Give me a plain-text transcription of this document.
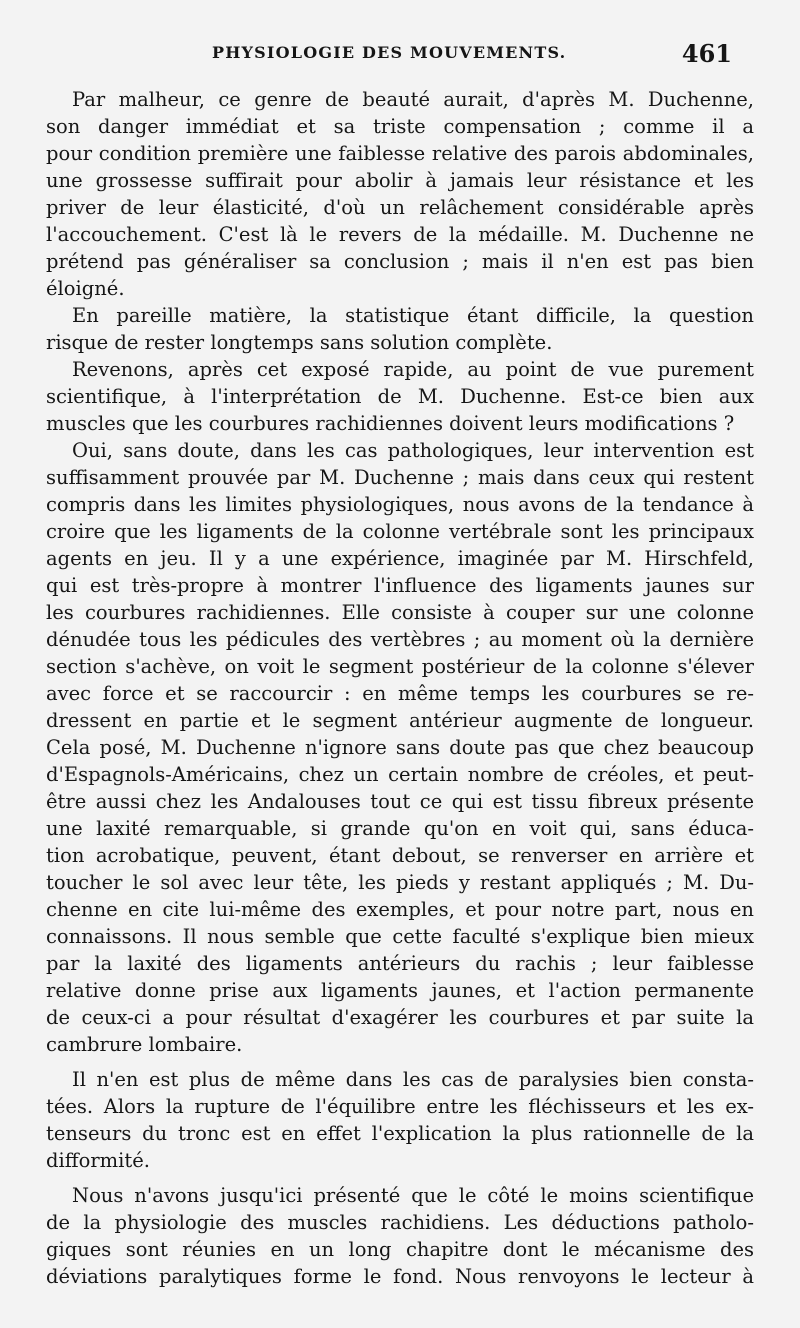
PHYSIOLOGIE DES MOUVEMENTS.	461
Par malheur, ce genre de beauté aurait, d'après M. Duchenne,
son danger immédiat et sa triste compensation ; comme il a
pour condition première une faiblesse relative des parois abdominales,
une grossesse suffirait pour abolir à jamais leur résistance et les
priver de leur élasticité, d'où un relâchement considérable après
l'accouchement. C'est là le revers de la médaille. M. Duchenne ne
prétend pas généraliser sa conclusion ; mais il n'en est pas bien
éloigné.
En pareille matière, la statistique étant difficile, la question
risque de rester longtemps sans solution complète.
Revenons, après cet exposé rapide, au point de vue purement
scientifique, à l'interprétation de M. Duchenne. Est-ce bien aux
muscles que les courbures rachidiennes doivent leurs modifications ?
Oui, sans doute, dans les cas pathologiques, leur intervention est
suffisamment prouvée par M. Duchenne ; mais dans ceux qui restent
compris dans les limites physiologiques, nous avons de la tendance à
croire que les ligaments de la colonne vertébrale sont les principaux
agents en jeu. Il y a une expérience, imaginée par M. Hirschfeld,
qui est très-propre à montrer l'influence des ligaments jaunes sur
les courbures rachidiennes. Elle consiste à couper sur une colonne
dénudée tous les pédicules des vertèbres ; au moment où la dernière
section s'achève, on voit le segment postérieur de la colonne s'élever
avec force et se raccourcir : en même temps les courbures se re-
dressent en partie et le segment antérieur augmente de longueur.
Cela posé, M. Duchenne n'ignore sans doute pas que chez beaucoup
d'Espagnols-Américains, chez un certain nombre de créoles, et peut-
être aussi chez les Andalouses tout ce qui est tissu fibreux présente
une laxité remarquable, si grande qu'on en voit qui, sans éduca-
tion acrobatique, peuvent, étant debout, se renverser en arrière et
toucher le sol avec leur tête, les pieds y restant appliqués ; M. Du-
chenne en cite lui-même des exemples, et pour notre part, nous en
connaissons. Il nous semble que cette faculté s'explique bien mieux
par la laxité des ligaments antérieurs du rachis ; leur faiblesse
relative donne prise aux ligaments jaunes, et l'action permanente
de ceux-ci a pour résultat d'exagérer les courbures et par suite la
cambrure lombaire.
Il n'en est plus de même dans les cas de paralysies bien consta-
tées. Alors la rupture de l'équilibre entre les fléchisseurs et les ex-
tenseurs du tronc est en effet l'explication la plus rationnelle de la
difformité.
Nous n'avons jusqu'ici présenté que le côté le moins scientifique
de la physiologie des muscles rachidiens. Les déductions patholo-
giques sont réunies en un long chapitre dont le mécanisme des
déviations paralytiques forme le fond. Nous renvoyons le lecteur à
